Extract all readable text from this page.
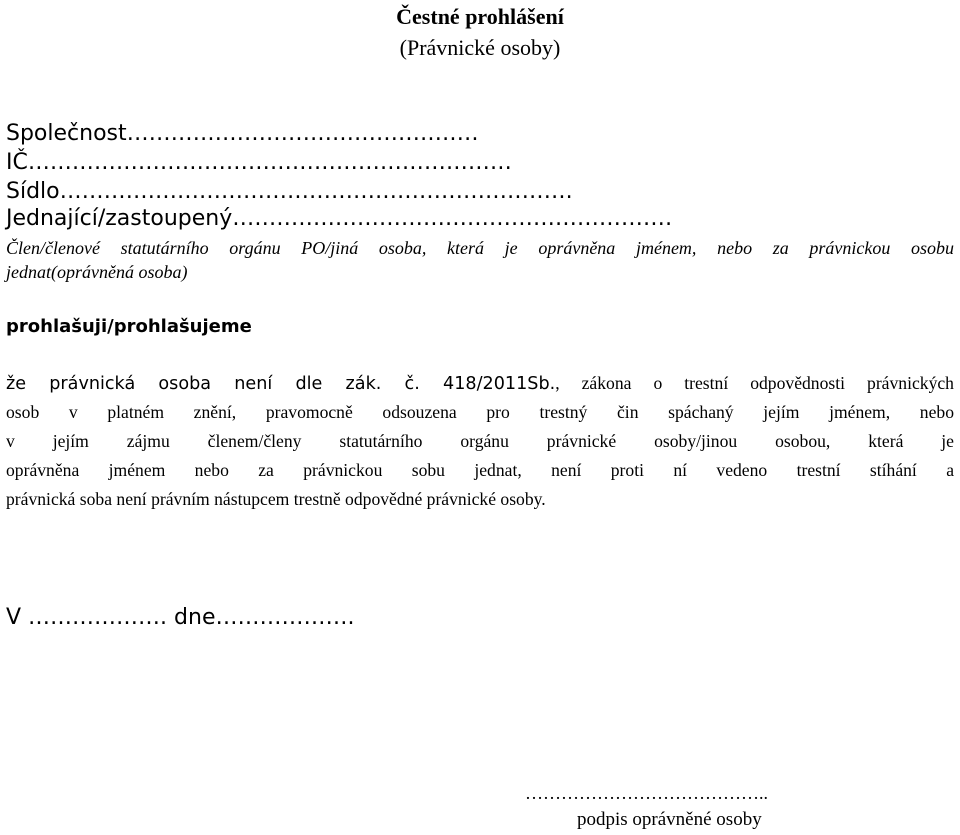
Čestné prohlášení
(Právnické osoby)
Společnost…………………………………………
IČ…………………………………………………………
Sídlo…………………………………………………………….
Jednající/zastoupený……………………………………………………
Člen/členové statutárního orgánu PO/jiná osoba, která je oprávněna jménem, nebo za právnickou osobu
jednat(oprávněná osoba)
prohlašuji/prohlašujeme
že právnická osoba není dle zák. č. 418/2011Sb., zákona o trestní odpovědnosti právnických
osob v platném znění, pravomocně odsouzena pro trestný čin spáchaný jejím jménem, nebo
v jejím zájmu členem/členy statutárního orgánu právnické osoby/jinou osobou, která je
oprávněna jménem nebo za právnickou sobu jednat, není proti ní vedeno trestní stíhání a
právnická soba není právním nástupcem trestně odpovědné právnické osoby.
V ………………. dne……………….
…………………………………..
podpis oprávněné osoby
